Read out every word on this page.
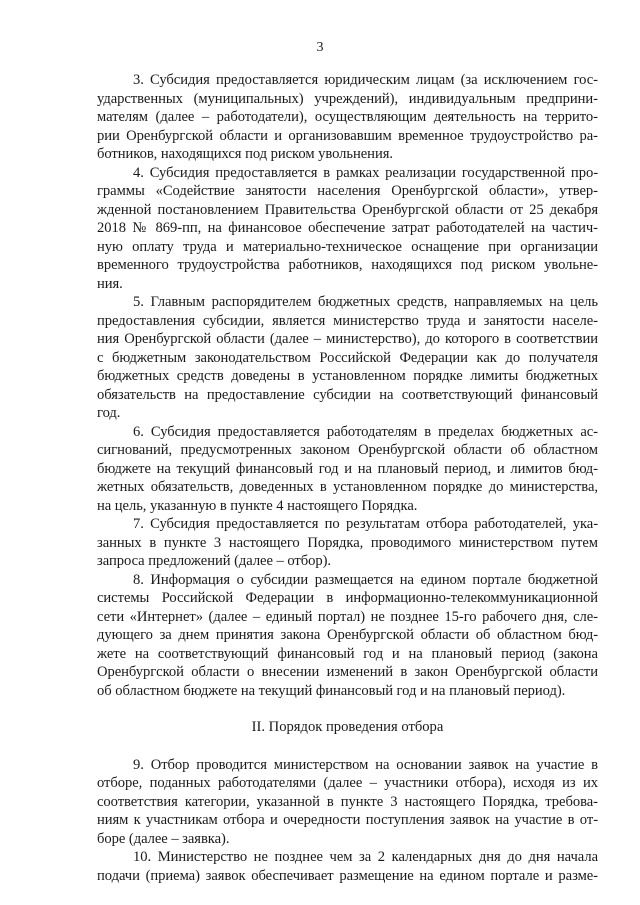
3

3. Субсидия предоставляется юридическим лицам (за исключением гос-
ударственных (муниципальных) учреждений), индивидуальным предприни-
мателям (далее – работодатели), осуществляющим деятельность на террито-
рии Оренбургской области и организовавшим временное трудоустройство ра-
ботников, находящихся под риском увольнения.

4. Субсидия предоставляется в рамках реализации государственной про-
граммы «Содействие занятости населения Оренбургской области», утвер-
жденной постановлением Правительства Оренбургской области от 25 декабря
2018 № 869-пп, на финансовое обеспечение затрат работодателей на частич-
ную оплату труда и материально-техническое оснащение при организации
временного трудоустройства работников, находящихся под риском увольне-
ния.

5. Главным распорядителем бюджетных средств, направляемых на цель
предоставления субсидии, является министерство труда и занятости населе-
ния Оренбургской области (далее – министерство), до которого в соответствии
с бюджетным законодательством Российской Федерации как до получателя
бюджетных средств доведены в установленном порядке лимиты бюджетных
обязательств на предоставление субсидии на соответствующий финансовый
год.

6. Субсидия предоставляется работодателям в пределах бюджетных ас-
сигнований, предусмотренных законом Оренбургской области об областном
бюджете на текущий финансовый год и на плановый период, и лимитов бюд-
жетных обязательств, доведенных в установленном порядке до министерства,
на цель, указанную в пункте 4 настоящего Порядка.

7. Субсидия предоставляется по результатам отбора работодателей, ука-
занных в пункте 3 настоящего Порядка, проводимого министерством путем
запроса предложений (далее – отбор).

8. Информация о субсидии размещается на едином портале бюджетной
системы Российской Федерации в информационно-телекоммуникационной
сети «Интернет» (далее – единый портал) не позднее 15-го рабочего дня, сле-
дующего за днем принятия закона Оренбургской области об областном бюд-
жете на соответствующий финансовый год и на плановый период (закона
Оренбургской области о внесении изменений в закон Оренбургской области
об областном бюджете на текущий финансовый год и на плановый период).

II. Порядок проведения отбора

9. Отбор проводится министерством на основании заявок на участие в
отборе, поданных работодателями (далее – участники отбора), исходя из их
соответствия категории, указанной в пункте 3 настоящего Порядка, требова-
ниям к участникам отбора и очередности поступления заявок на участие в от-
боре (далее – заявка).

10. Министерство не позднее чем за 2 календарных дня до дня начала
подачи (приема) заявок обеспечивает размещение на едином портале и разме-
